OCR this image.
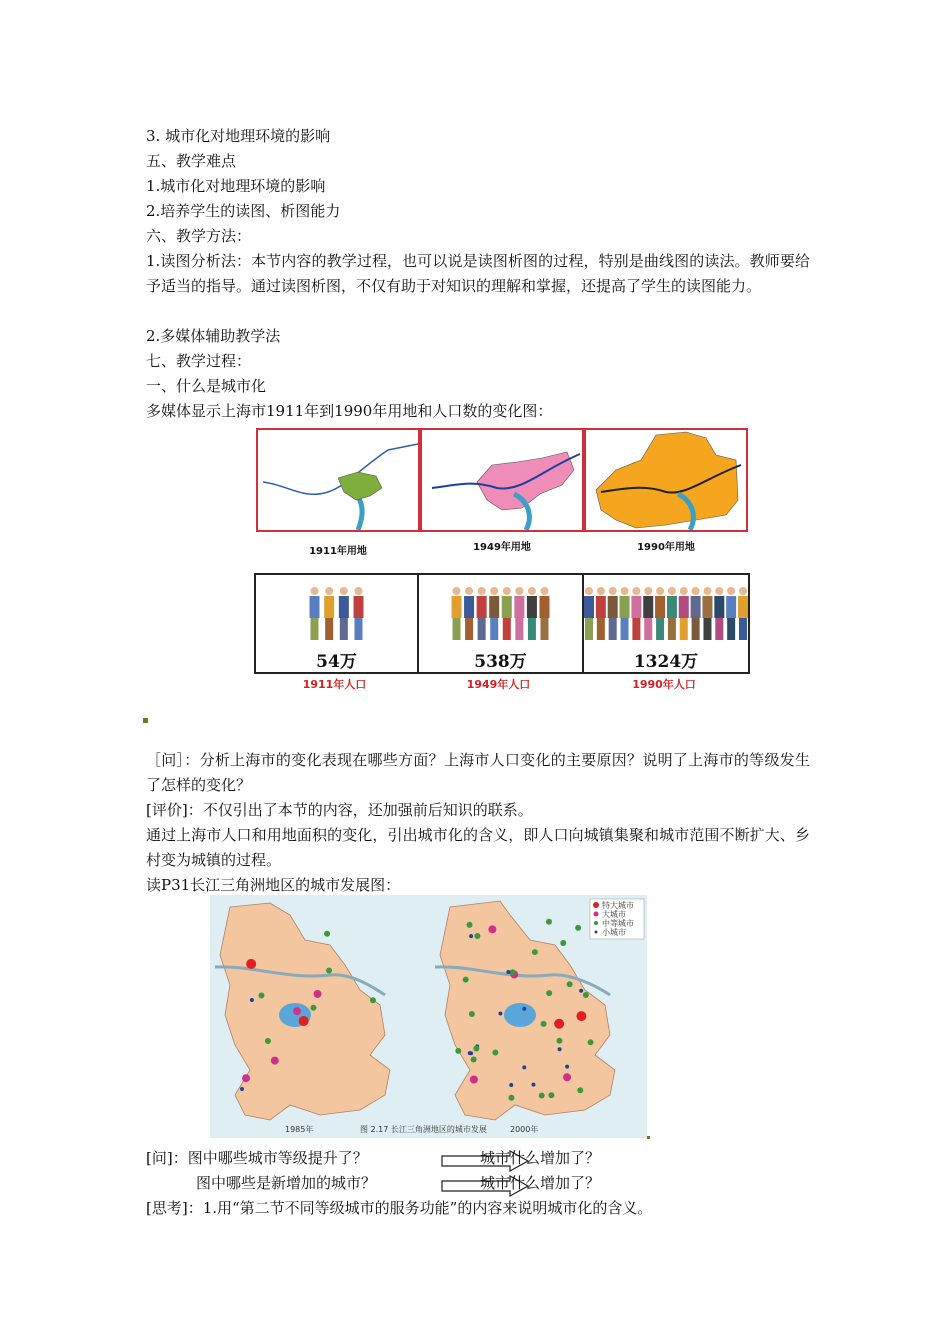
3. 城市化对地理环境的影响
五、教学难点
1.城市化对地理环境的影响
2.培养学生的读图、析图能力
六、教学方法：
1.读图分析法：本节内容的教学过程，也可以说是读图析图的过程，特别是曲线图的读法。教师要给予适当的指导。通过读图析图，不仅有助于对知识的理解和掌握，还提高了学生的读图能力。
2.多媒体辅助教学法
七、教学过程：
一、什么是城市化
多媒体显示上海市1911年到1990年用地和人口数的变化图：
1911年用地	1949年用地	1990年用地
54万	538万	1324万
1911年人口	1949年人口	1990年人口
［问］：分析上海市的变化表现在哪些方面？上海市人口变化的主要原因？说明了上海市的等级发生了怎样的变化？
[评价]：不仅引出了本节的内容，还加强前后知识的联系。
通过上海市人口和用地面积的变化，引出城市化的含义，即人口向城镇集聚和城市范围不断扩大、乡村变为城镇的过程。
读P31长江三角洲地区的城市发展图：
特大城市
大城市
中等城市
小城市
1985年	图 2.17 长江三角洲地区的城市发展	2000年
[问]：图中哪些城市等级提升了？	城市什么增加了？
图中哪些是新增加的城市？	城市什么增加了？
[思考]：1.用“第二节不同等级城市的服务功能”的内容来说明城市化的含义。
